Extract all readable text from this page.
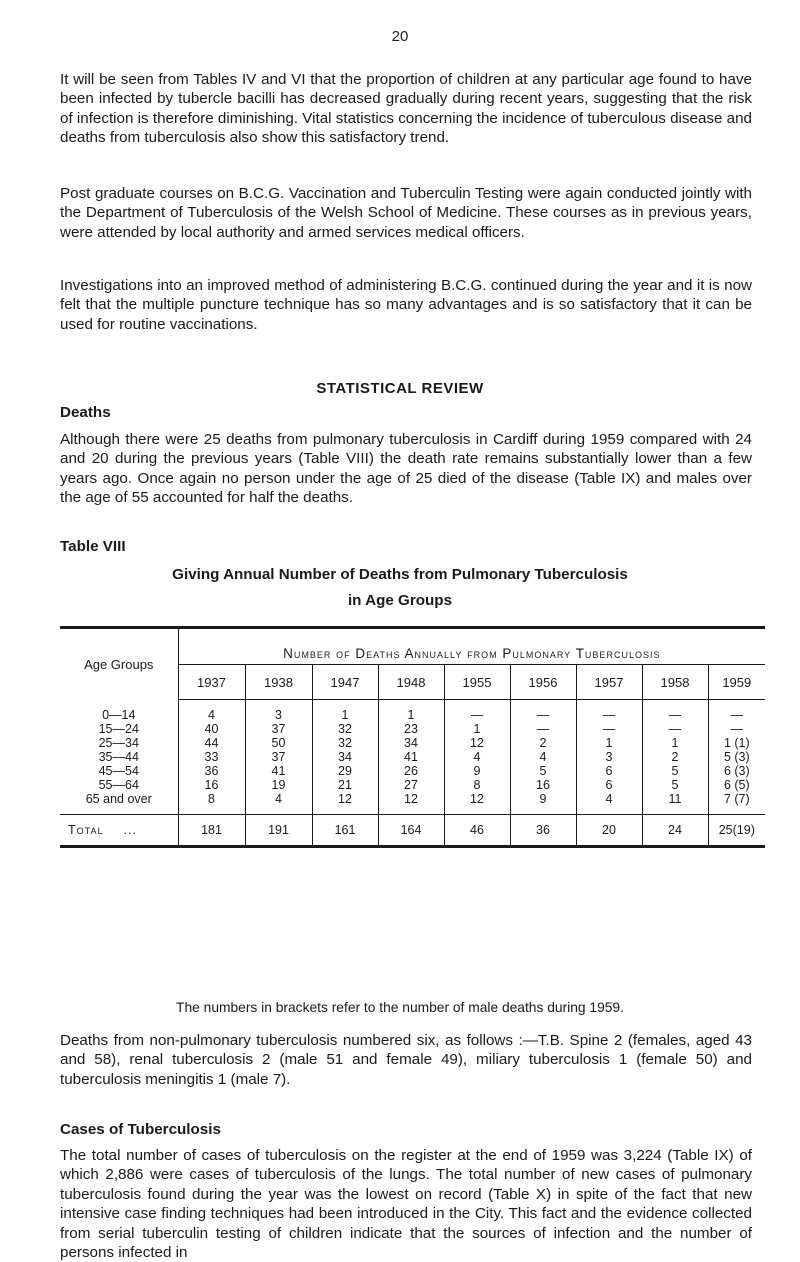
20

It will be seen from Tables IV and VI that the proportion of children at any particular age found to have been infected by tubercle bacilli has decreased gradually during recent years, suggesting that the risk of infection is therefore diminishing. Vital statistics concerning the incidence of tuberculous disease and deaths from tuberculosis also show this satisfactory trend.

Post graduate courses on B.C.G. Vaccination and Tuberculin Testing were again conducted jointly with the Department of Tuberculosis of the Welsh School of Medicine. These courses as in previous years, were attended by local authority and armed services medical officers.

Investigations into an improved method of administering B.C.G. continued during the year and it is now felt that the multiple puncture technique has so many advantages and is so satisfactory that it can be used for routine vaccinations.

STATISTICAL REVIEW
Deaths

Although there were 25 deaths from pulmonary tuberculosis in Cardiff during 1959 compared with 24 and 20 during the previous years (Table VIII) the death rate remains substantially lower than a few years ago. Once again no person under the age of 25 died of the disease (Table IX) and males over the age of 55 accounted for half the deaths.

Table VIII
Giving Annual Number of Deaths from Pulmonary Tuberculosis
in Age Groups
Age Groups	Number of Deaths Annually from Pulmonary Tuberculosis								
	1937	1938	1947	1948	1955	1956	1957	1958	1959
0—14	4	3	1	1	—	—	—	—	—
15—24	40	37	32	23	1	—	—	—	—
25—34	44	50	32	34	12	2	1	1	1 (1)
35—44	33	37	34	41	4	4	3	2	5 (3)
45—54	36	41	29	26	9	5	6	5	6 (3)
55—64	16	19	21	27	8	16	6	5	6 (5)
65 and over	8	4	12	12	12	9	4	11	7 (7)
Total ...	181	191	161	164	46	36	20	24	25(19)
The numbers in brackets refer to the number of male deaths during 1959.

Deaths from non-pulmonary tuberculosis numbered six, as follows :—T.B. Spine 2 (females, aged 43 and 58), renal tuberculosis 2 (male 51 and female 49), miliary tuberculosis 1 (female 50) and tuberculosis meningitis 1 (male 7).

Cases of Tuberculosis

The total number of cases of tuberculosis on the register at the end of 1959 was 3,224 (Table IX) of which 2,886 were cases of tuberculosis of the lungs. The total number of new cases of pulmonary tuberculosis found during the year was the lowest on record (Table X) in spite of the fact that new intensive case finding techniques had been introduced in the City. This fact and the evidence collected from serial tuberculin testing of children indicate that the sources of infection and the number of persons infected in
